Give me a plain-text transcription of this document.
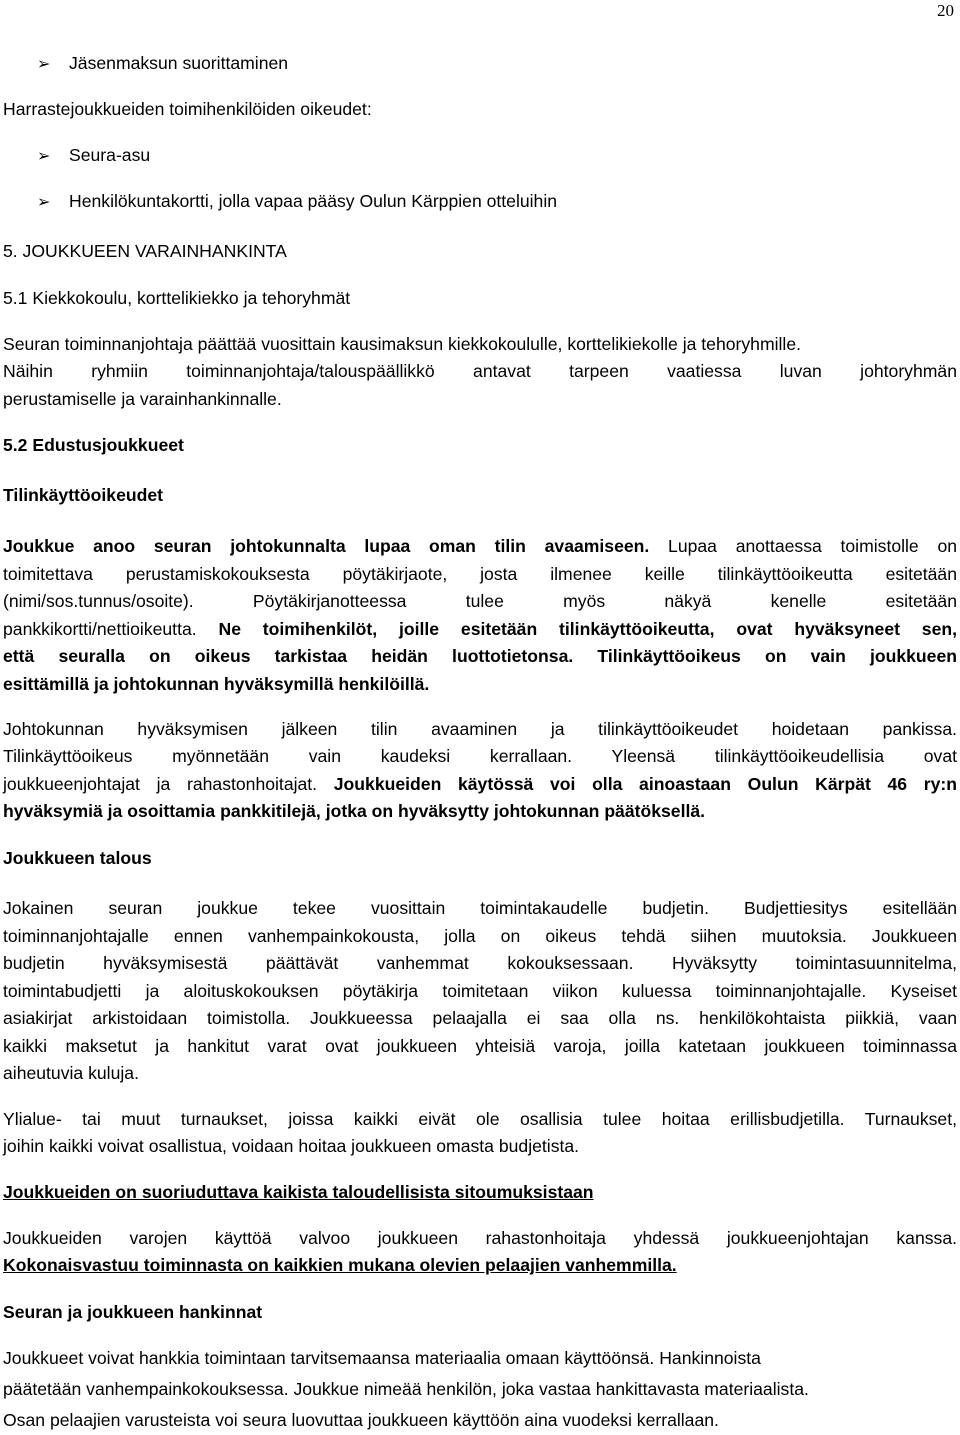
20
➢ Jäsenmaksun suorittaminen
Harrastejoukkueiden toimihenkilöiden oikeudet:
➢ Seura-asu
➢ Henkilökuntakortti, jolla vapaa pääsy Oulun Kärppien otteluihin
5. JOUKKUEEN VARAINHANKINTA
5.1 Kiekkokoulu, korttelikiekko ja tehoryhmät
Seuran toiminnanjohtaja päättää vuosittain kausimaksun kiekkokoululle, korttelikiekolle ja tehoryhmille.
Näihin ryhmiin toiminnanjohtaja/talouspäällikkö antavat tarpeen vaatiessa luvan johtoryhmän
perustamiselle ja varainhankinnalle.
5.2 Edustusjoukkueet
Tilinkäyttöoikeudet
Joukkue anoo seuran johtokunnalta lupaa oman tilin avaamiseen. Lupaa anottaessa toimistolle on
toimitettava perustamiskokouksesta pöytäkirjaote, josta ilmenee keille tilinkäyttöoikeutta esitetään
(nimi/sos.tunnus/osoite). Pöytäkirjanotteessa tulee myös näkyä kenelle esitetään
pankkikortti/nettioikeutta. Ne toimihenkilöt, joille esitetään tilinkäyttöoikeutta, ovat hyväksyneet sen,
että seuralla on oikeus tarkistaa heidän luottotietonsa. Tilinkäyttöoikeus on vain joukkueen
esittämillä ja johtokunnan hyväksymillä henkilöillä.
Johtokunnan hyväksymisen jälkeen tilin avaaminen ja tilinkäyttöoikeudet hoidetaan pankissa.
Tilinkäyttöoikeus myönnetään vain kaudeksi kerrallaan. Yleensä tilinkäyttöoikeudellisia ovat
joukkueenjohtajat ja rahastonhoitajat. Joukkueiden käytössä voi olla ainoastaan Oulun Kärpät 46 ry:n
hyväksymiä ja osoittamia pankkitilejä, jotka on hyväksytty johtokunnan päätöksellä.
Joukkueen talous
Jokainen seuran joukkue tekee vuosittain toimintakaudelle budjetin. Budjettiesitys esitellään
toiminnanjohtajalle ennen vanhempainkokousta, jolla on oikeus tehdä siihen muutoksia. Joukkueen
budjetin hyväksymisestä päättävät vanhemmat kokouksessaan. Hyväksytty toimintasuunnitelma,
toimintabudjetti ja aloituskokouksen pöytäkirja toimitetaan viikon kuluessa toiminnanjohtajalle. Kyseiset
asiakirjat arkistoidaan toimistolla. Joukkueessa pelaajalla ei saa olla ns. henkilökohtaista piikkiä, vaan
kaikki maksetut ja hankitut varat ovat joukkueen yhteisiä varoja, joilla katetaan joukkueen toiminnassa
aiheutuvia kuluja.
Ylialue- tai muut turnaukset, joissa kaikki eivät ole osallisia tulee hoitaa erillisbudjetilla. Turnaukset,
joihin kaikki voivat osallistua, voidaan hoitaa joukkueen omasta budjetista.
Joukkueiden on suoriuduttava kaikista taloudellisista sitoumuksistaan
Joukkueiden varojen käyttöä valvoo joukkueen rahastonhoitaja yhdessä joukkueenjohtajan kanssa.
Kokonaisvastuu toiminnasta on kaikkien mukana olevien pelaajien vanhemmilla.
Seuran ja joukkueen hankinnat
Joukkueet voivat hankkia toimintaan tarvitsemaansa materiaalia omaan käyttöönsä. Hankinnoista
päätetään vanhempainkokouksessa. Joukkue nimeää henkilön, joka vastaa hankittavasta materiaalista.
Osan pelaajien varusteista voi seura luovuttaa joukkueen käyttöön aina vuodeksi kerrallaan.
